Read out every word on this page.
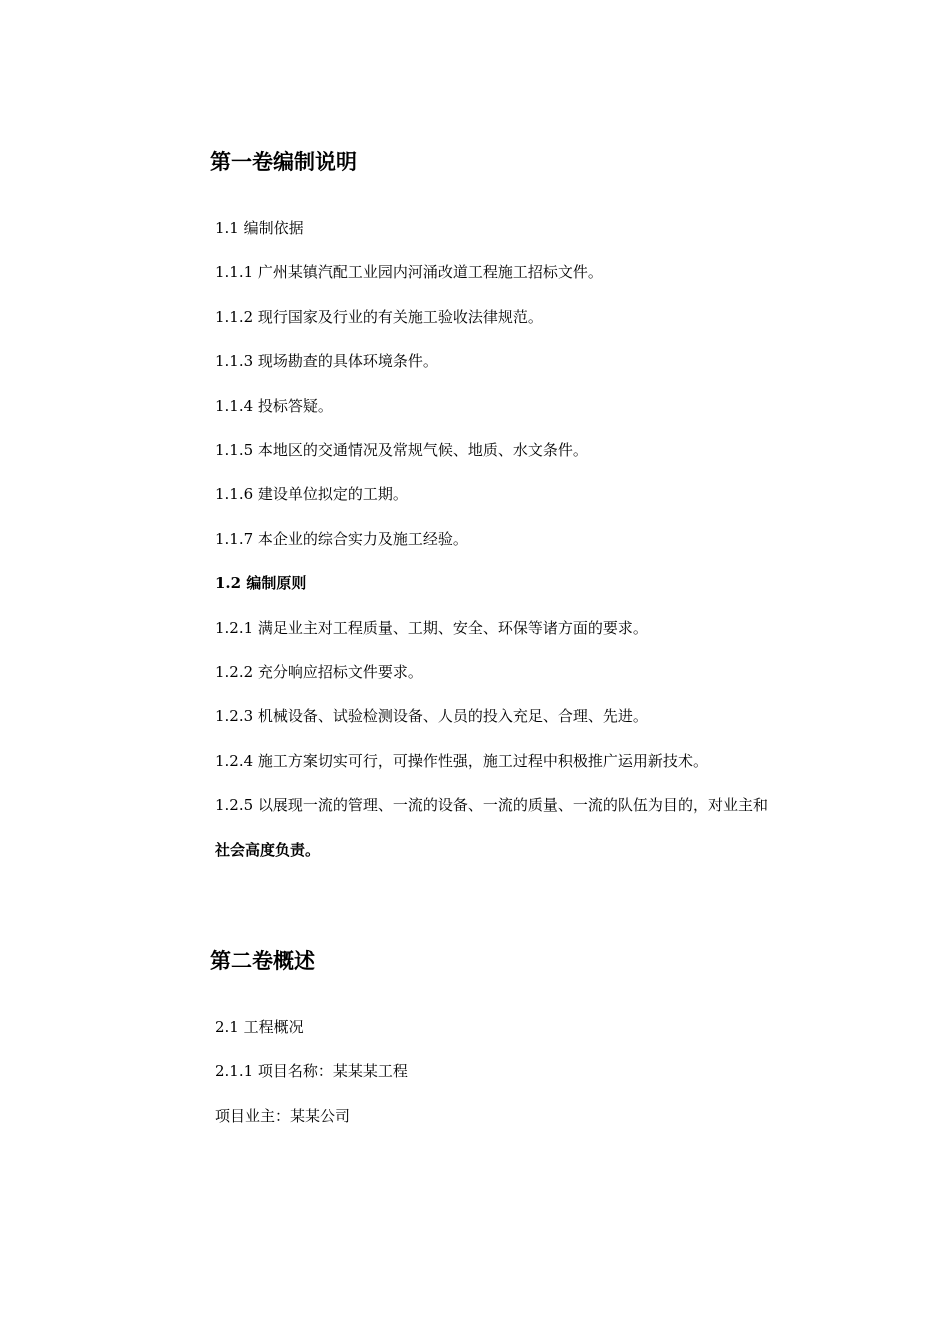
第一卷编制说明

1.1 编制依据

1.1.1 广州某镇汽配工业园内河涌改道工程施工招标文件。

1.1.2 现行国家及行业的有关施工验收法律规范。

1.1.3 现场勘查的具体环境条件。

1.1.4 投标答疑。

1.1.5 本地区的交通情况及常规气候、地质、水文条件。

1.1.6 建设单位拟定的工期。

1.1.7 本企业的综合实力及施工经验。

1.2 编制原则

1.2.1 满足业主对工程质量、工期、安全、环保等诸方面的要求。

1.2.2 充分响应招标文件要求。

1.2.3 机械设备、试验检测设备、人员的投入充足、合理、先进。

1.2.4 施工方案切实可行，可操作性强，施工过程中积极推广运用新技术。

1.2.5 以展现一流的管理、一流的设备、一流的质量、一流的队伍为目的，对业主和

社会高度负责。

第二卷概述

2.1 工程概况

2.1.1 项目名称：某某某工程

项目业主：某某公司
